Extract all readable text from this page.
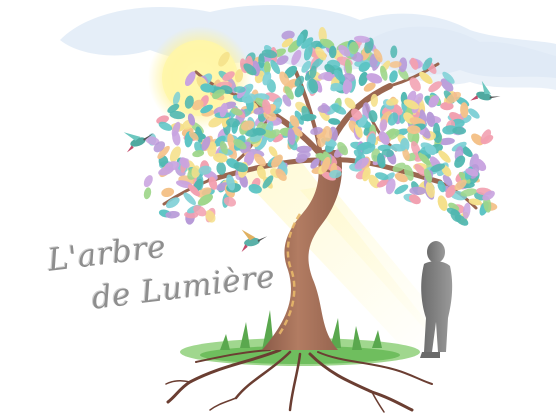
L'arbre

de Lumière
